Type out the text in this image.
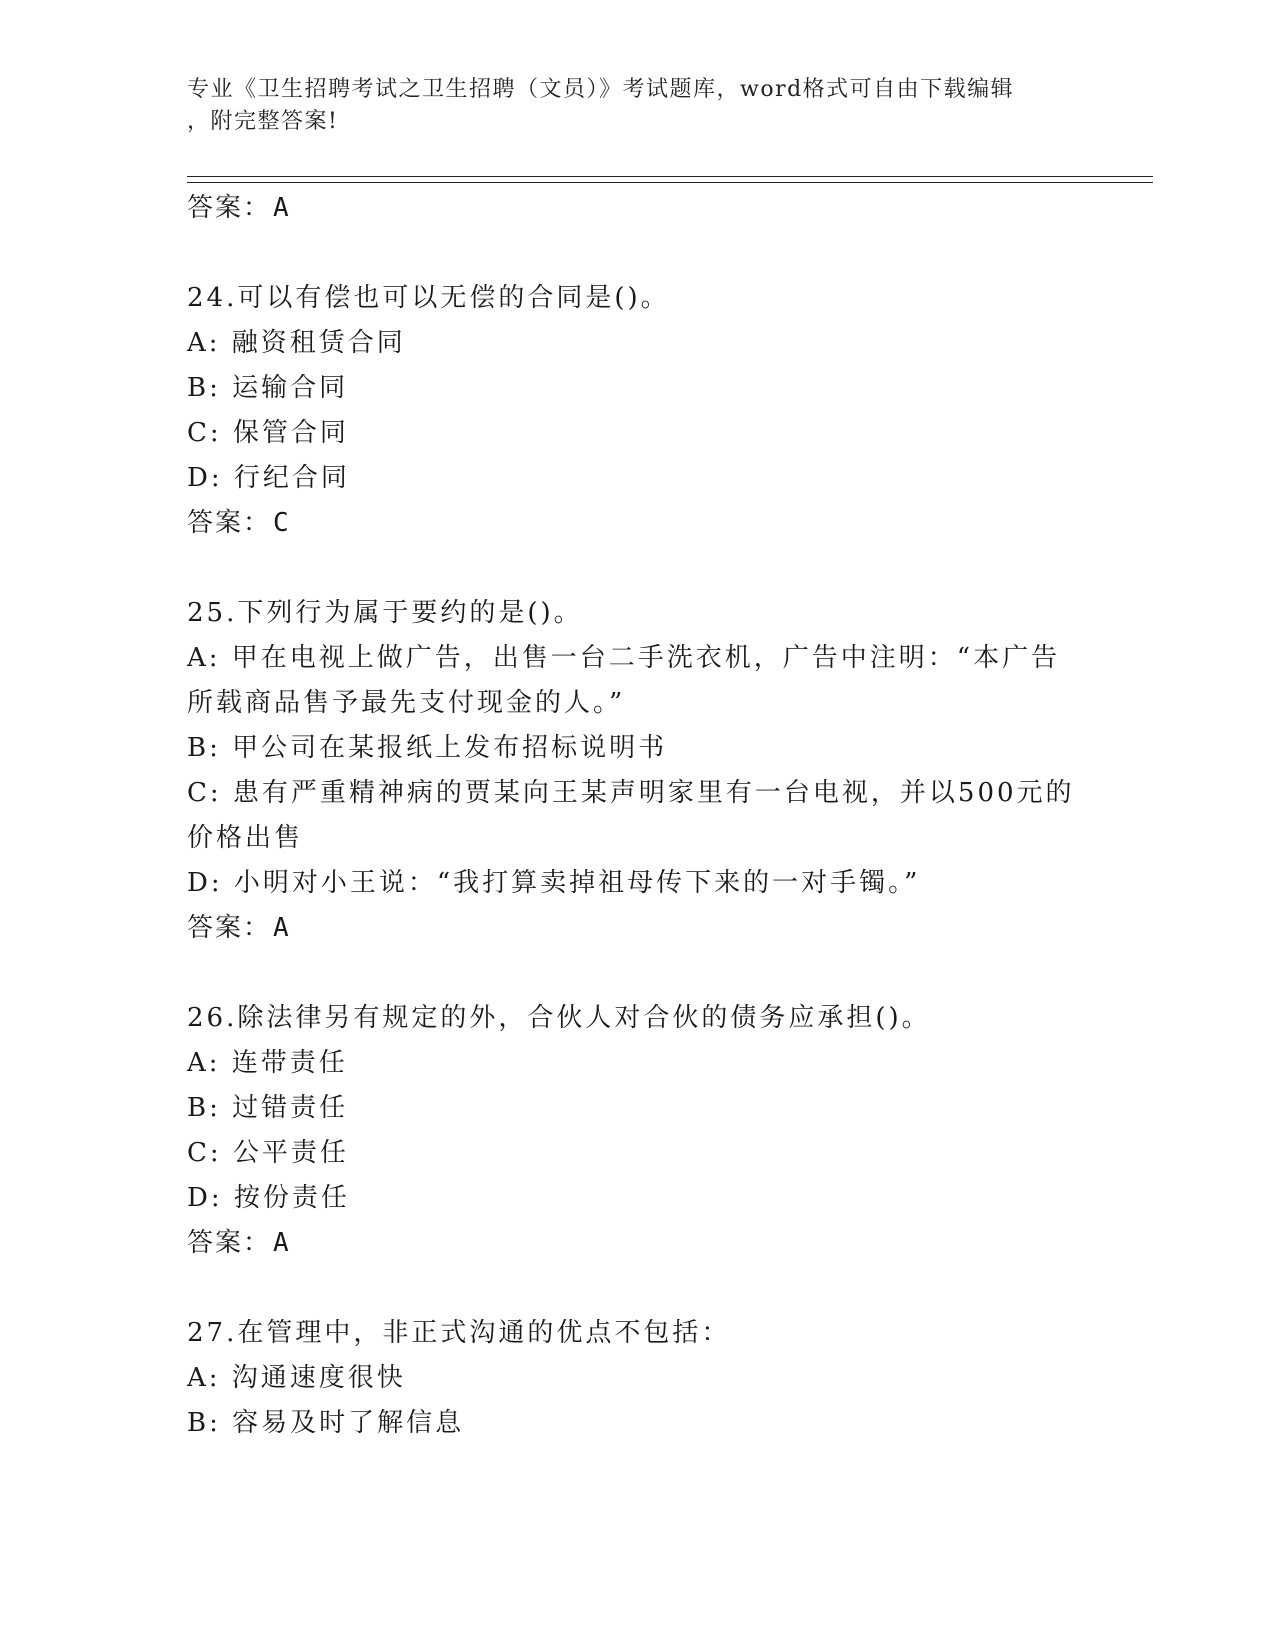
专业《卫生招聘考试之卫生招聘（文员）》考试题库，word格式可自由下载编辑
，附完整答案!
答案：A
24.可以有偿也可以无偿的合同是()。
A: 融资租赁合同
B: 运输合同
C: 保管合同
D: 行纪合同
答案：C
25.下列行为属于要约的是()。
A: 甲在电视上做广告，出售一台二手洗衣机，广告中注明：“本广告
所载商品售予最先支付现金的人。”
B: 甲公司在某报纸上发布招标说明书
C: 患有严重精神病的贾某向王某声明家里有一台电视，并以500元的
价格出售
D: 小明对小王说：“我打算卖掉祖母传下来的一对手镯。”
答案：A
26.除法律另有规定的外，合伙人对合伙的债务应承担()。
A: 连带责任
B: 过错责任
C: 公平责任
D: 按份责任
答案：A
27.在管理中，非正式沟通的优点不包括：
A: 沟通速度很快
B: 容易及时了解信息
